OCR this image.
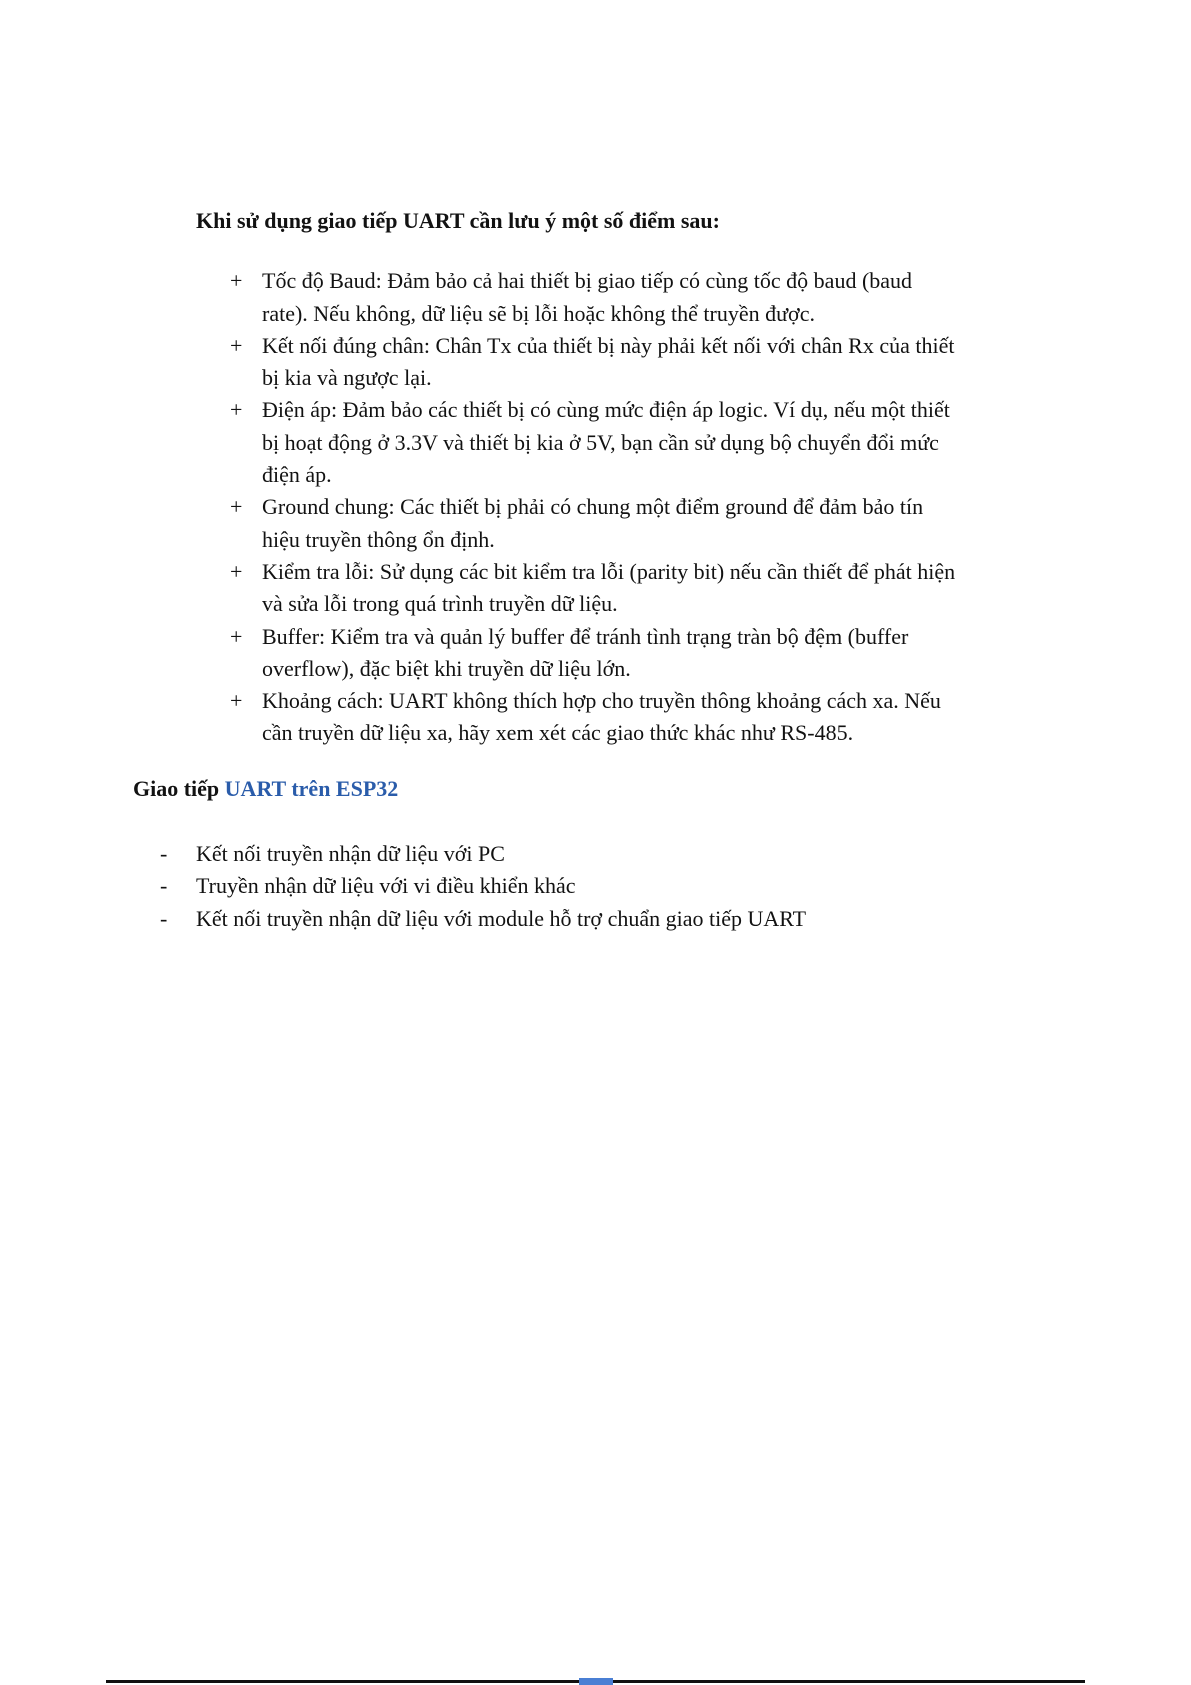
Khi sử dụng giao tiếp UART cần lưu ý một số điểm sau:
+ Tốc độ Baud: Đảm bảo cả hai thiết bị giao tiếp có cùng tốc độ baud (baud rate). Nếu không, dữ liệu sẽ bị lỗi hoặc không thể truyền được.
+ Kết nối đúng chân: Chân Tx của thiết bị này phải kết nối với chân Rx của thiết bị kia và ngược lại.
+ Điện áp: Đảm bảo các thiết bị có cùng mức điện áp logic. Ví dụ, nếu một thiết bị hoạt động ở 3.3V và thiết bị kia ở 5V, bạn cần sử dụng bộ chuyển đổi mức điện áp.
+ Ground chung: Các thiết bị phải có chung một điểm ground để đảm bảo tín hiệu truyền thông ổn định.
+ Kiểm tra lỗi: Sử dụng các bit kiểm tra lỗi (parity bit) nếu cần thiết để phát hiện và sửa lỗi trong quá trình truyền dữ liệu.
+ Buffer: Kiểm tra và quản lý buffer để tránh tình trạng tràn bộ đệm (buffer overflow), đặc biệt khi truyền dữ liệu lớn.
+ Khoảng cách: UART không thích hợp cho truyền thông khoảng cách xa. Nếu cần truyền dữ liệu xa, hãy xem xét các giao thức khác như RS-485.
Giao tiếp UART trên ESP32
-	Kết nối truyền nhận dữ liệu với PC
-	Truyền nhận dữ liệu với vi điều khiển khác
-	Kết nối truyền nhận dữ liệu với module hỗ trợ chuẩn giao tiếp UART
